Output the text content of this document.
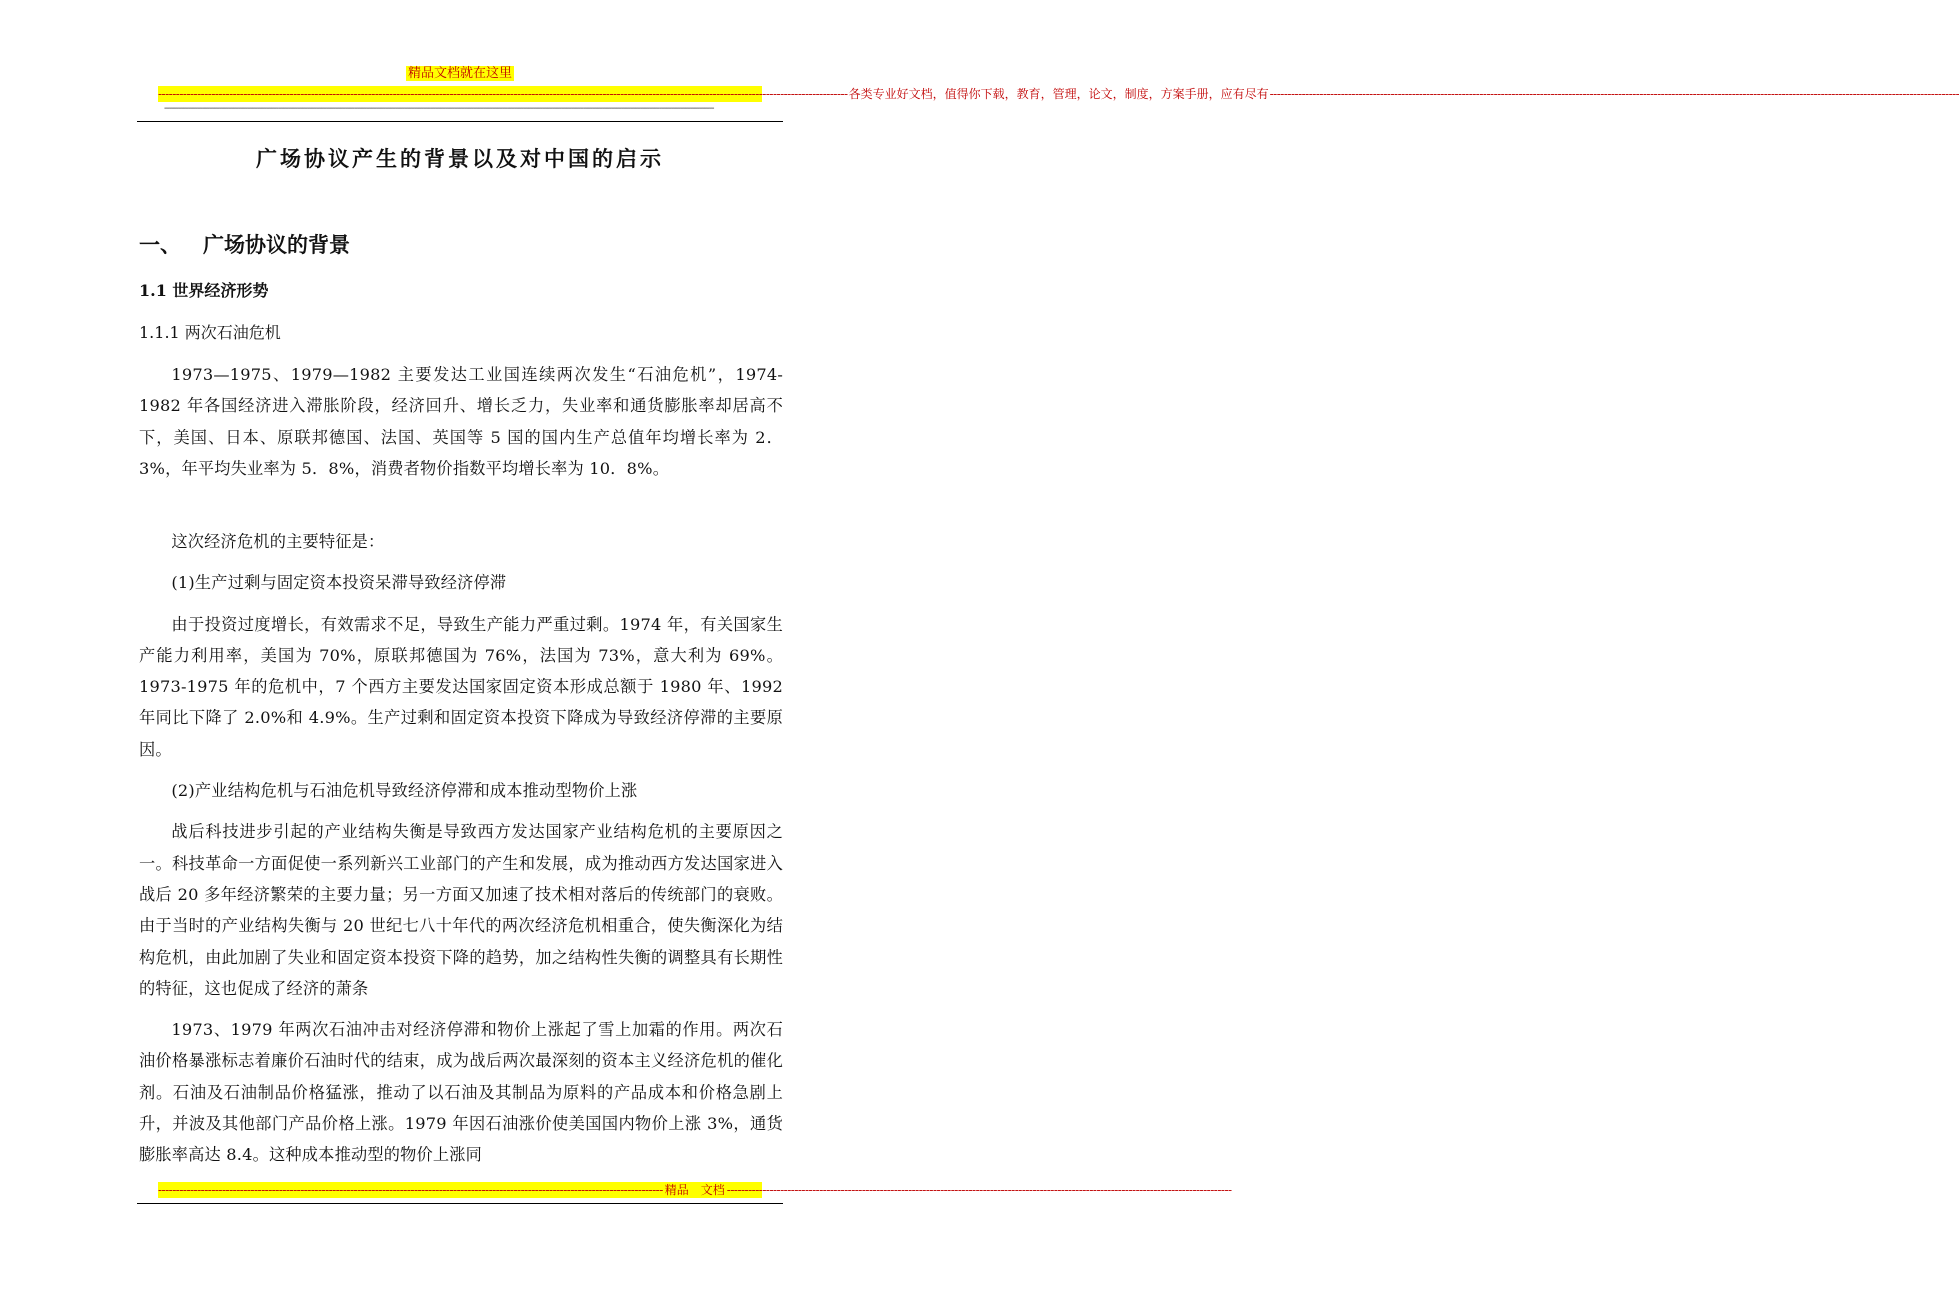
精品文档就在这里
-------------------------------------------------------------------------------------------------------------------------------------------------------------------------------------------------- 各类专业好文档，值得你下载，教育，管理，论文，制度，方案手册，应有尽有 --------------------------------------------------------------------------------------------------------------------------------------------------------------------------------------------------
---------------------------------------------------------------------------------------------------------------------------------------------------------------------------------------------------------------------------------------
广场协议产生的背景以及对中国的启示
一、 广场协议的背景
1.1 世界经济形势
1.1.1 两次石油危机

1973—1975、1979—1982 主要发达工业国连续两次发生“石油危机”，1974-1982 年各国经济进入滞胀阶段，经济回升、增长乏力，失业率和通货膨胀率却居高不下，美国、日本、原联邦德国、法国、英国等 5 国的国内生产总值年均增长率为 2．3%，年平均失业率为 5．8%，消费者物价指数平均增长率为 10．8%。

这次经济危机的主要特征是：

(1)生产过剩与固定资本投资呆滞导致经济停滞

由于投资过度增长，有效需求不足，导致生产能力严重过剩。1974 年，有关国家生产能力利用率，美国为 70%，原联邦德国为 76%，法国为 73%，意大利为 69%。1973-1975 年的危机中，7 个西方主要发达国家固定资本形成总额于 1980 年、1992 年同比下降了 2.0%和 4.9%。生产过剩和固定资本投资下降成为导致经济停滞的主要原因。

(2)产业结构危机与石油危机导致经济停滞和成本推动型物价上涨

战后科技进步引起的产业结构失衡是导致西方发达国家产业结构危机的主要原因之一。科技革命一方面促使一系列新兴工业部门的产生和发展，成为推动西方发达国家进入战后 20 多年经济繁荣的主要力量；另一方面又加速了技术相对落后的传统部门的衰败。由于当时的产业结构失衡与 20 世纪七八十年代的两次经济危机相重合，使失衡深化为结构危机，由此加剧了失业和固定资本投资下降的趋势，加之结构性失衡的调整具有长期性的特征，这也促成了经济的萧条

1973、1979 年两次石油冲击对经济停滞和物价上涨起了雪上加霜的作用。两次石油价格暴涨标志着廉价石油时代的结束，成为战后两次最深刻的资本主义经济危机的催化剂。石油及石油制品价格猛涨，推动了以石油及其制品为原料的产品成本和价格急剧上升，并波及其他部门产品价格上涨。1979 年因石油涨价使美国国内物价上涨 3%，通货膨胀率高达 8.4。这种成本推动型的物价上涨同

---------------------------------------------------------------------------------------------------------------------------------------------- 精品　文档 ----------------------------------------------------------------------------------------------------------------------------------------------
